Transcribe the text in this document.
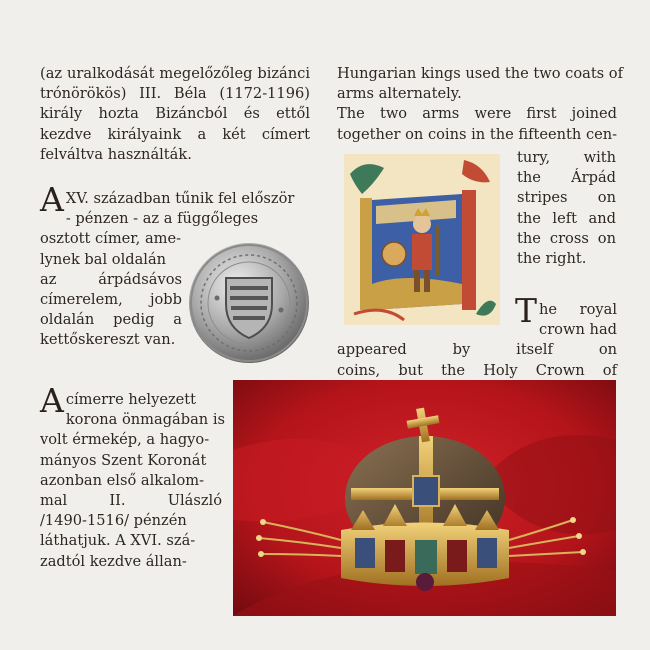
(az uralkodását megelőzőleg bizánci
trónörökös) III. Béla (1172-1196)
király hozta Bizáncból és ettől
kezdve királyaink a két címert
felváltva használták.

A XV. században tűnik fel először
- pénzen - az a függőleges
osztott címer, ame-
lynek bal oldalán
az árpádsávos
címerelem, jobb
oldalán pedig a
kettőskereszt van.
A címerre helyezett
korona önmagában is
volt érmekép, a hagyo-
mányos Szent Koronát
azonban első alkalom-
mal II. Ulászló
/1490-1516/ pénzén
láthatjuk. A XVI. szá-
zadtól kezdve állan-
Hungarian kings used the two coats of
arms alternately.
The two arms were first joined
together on coins in the fifteenth cen-
tury, with
the Árpád
stripes on
the left and
the cross on
the right.
T he royal
crown had appeared by itself on
coins, but the Holy Crown of
